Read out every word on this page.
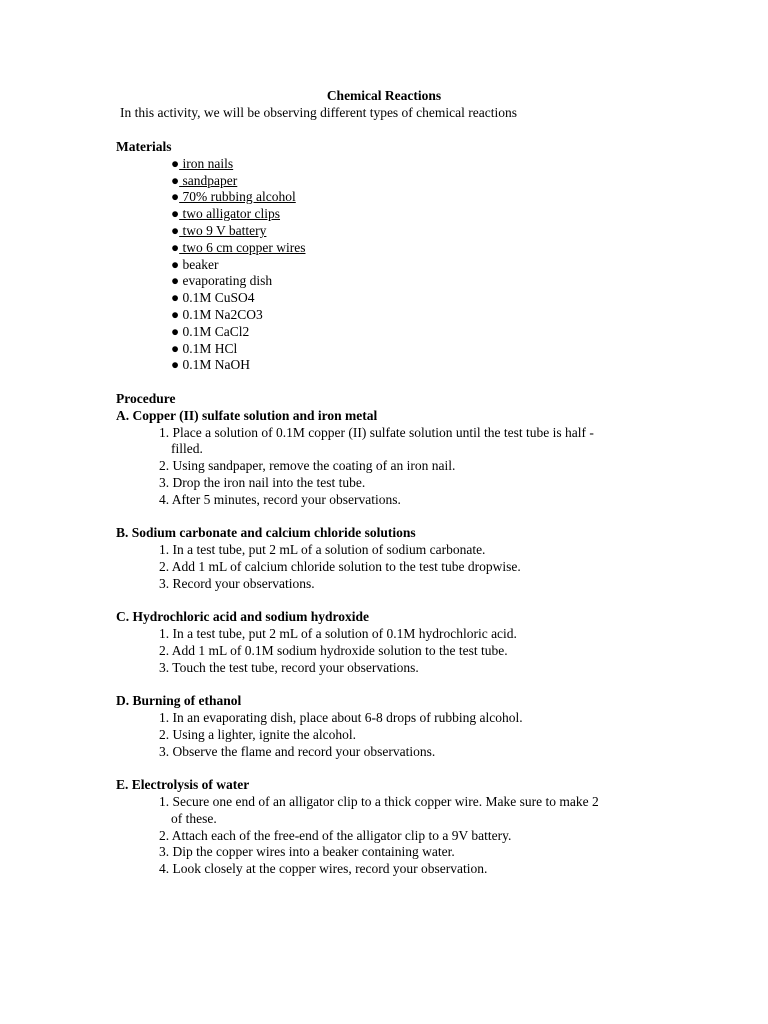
Chemical Reactions
In this activity, we will be observing different types of chemical reactions
Materials
● iron nails
● sandpaper
● 70% rubbing alcohol
● two alligator clips
● two 9 V battery
● two 6 cm copper wires
● beaker
● evaporating dish
● 0.1M CuSO4
● 0.1M Na2CO3
● 0.1M CaCl2
● 0.1M HCl
● 0.1M NaOH
Procedure
A. Copper (II) sulfate solution and iron metal
1. Place a solution of 0.1M copper (II) sulfate solution until the test tube is half -
filled.
2. Using sandpaper, remove the coating of an iron nail.
3. Drop the iron nail into the test tube.
4. After 5 minutes, record your observations.
B. Sodium carbonate and calcium chloride solutions
1. In a test tube, put 2 mL of a solution of sodium carbonate.
2. Add 1 mL of calcium chloride solution to the test tube dropwise.
3. Record your observations.
C. Hydrochloric acid and sodium hydroxide
1. In a test tube, put 2 mL of a solution of 0.1M hydrochloric acid.
2. Add 1 mL of 0.1M sodium hydroxide solution to the test tube.
3. Touch the test tube, record your observations.
D. Burning of ethanol
1. In an evaporating dish, place about 6-8 drops of rubbing alcohol.
2. Using a lighter, ignite the alcohol.
3. Observe the flame and record your observations.
E. Electrolysis of water
1. Secure one end of an alligator clip to a thick copper wire. Make sure to make 2
of these.
2. Attach each of the free-end of the alligator clip to a 9V battery.
3. Dip the copper wires into a beaker containing water.
4. Look closely at the copper wires, record your observation.
